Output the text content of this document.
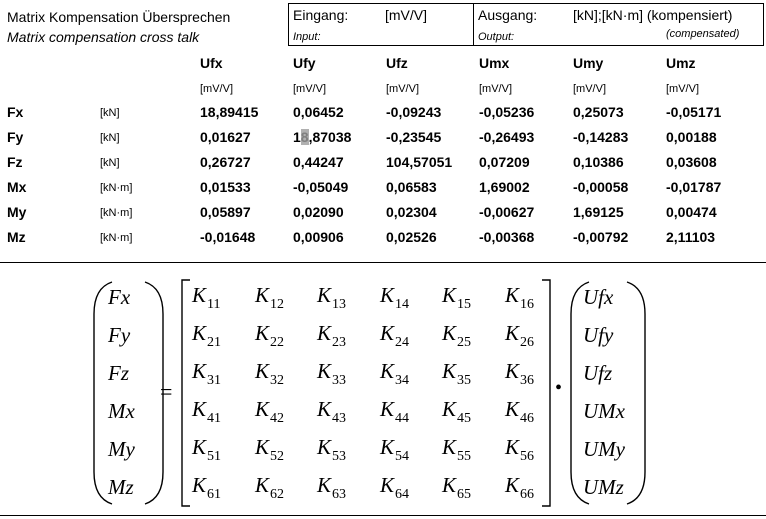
Matrix Kompensation Übersprechen
Matrix compensation cross talk
Eingang:	[mV/V]
Input:
Ausgang:	[kN];[kN·m] (kompensiert)
Output:	(compensated)
Ufx	Ufy	Ufz	Umx	Umy	Umz
[mV/V]	[mV/V]	[mV/V]	[mV/V]	[mV/V]	[mV/V]
Fx	[kN]	18,89415 0,06452	-0,09243	-0,05236	0,25073	-0,05171
Fy	[kN]	0,01627	18,87038 -0,23545	-0,26493	-0,14283	0,00188
Fz	[kN]	0,26727	0,44247	104,57051 0,07209	0,10386	0,03608
Mx	[kN·m]	0,01533	-0,05049	0,06583	1,69002	-0,00058	-0,01787
My	[kN·m]	0,05897	0,02090	0,02304	-0,00627	1,69125	0,00474
Mz	[kN·m]	-0,01648	0,00906	0,02526	-0,00368	-0,00792	2,11103
Fx
Fy
Fz
Mx
My
Mz
=
$K_{11}$ $K_{12}$ $K_{13}$ $K_{14}$ $K_{15}$ $K_{16}$
$K_{21}$ $K_{22}$ $K_{23}$ $K_{24}$ $K_{25}$ $K_{26}$
$K_{31}$ $K_{32}$ $K_{33}$ $K_{34}$ $K_{35}$ $K_{36}$
$K_{41}$ $K_{42}$ $K_{43}$ $K_{44}$ $K_{45}$ $K_{46}$
$K_{51}$ $K_{52}$ $K_{53}$ $K_{54}$ $K_{55}$ $K_{56}$
$K_{61}$ $K_{62}$ $K_{63}$ $K_{64}$ $K_{65}$ $K_{66}$
•
Ufx
Ufy
Ufz
UMx
UMy
UMz
